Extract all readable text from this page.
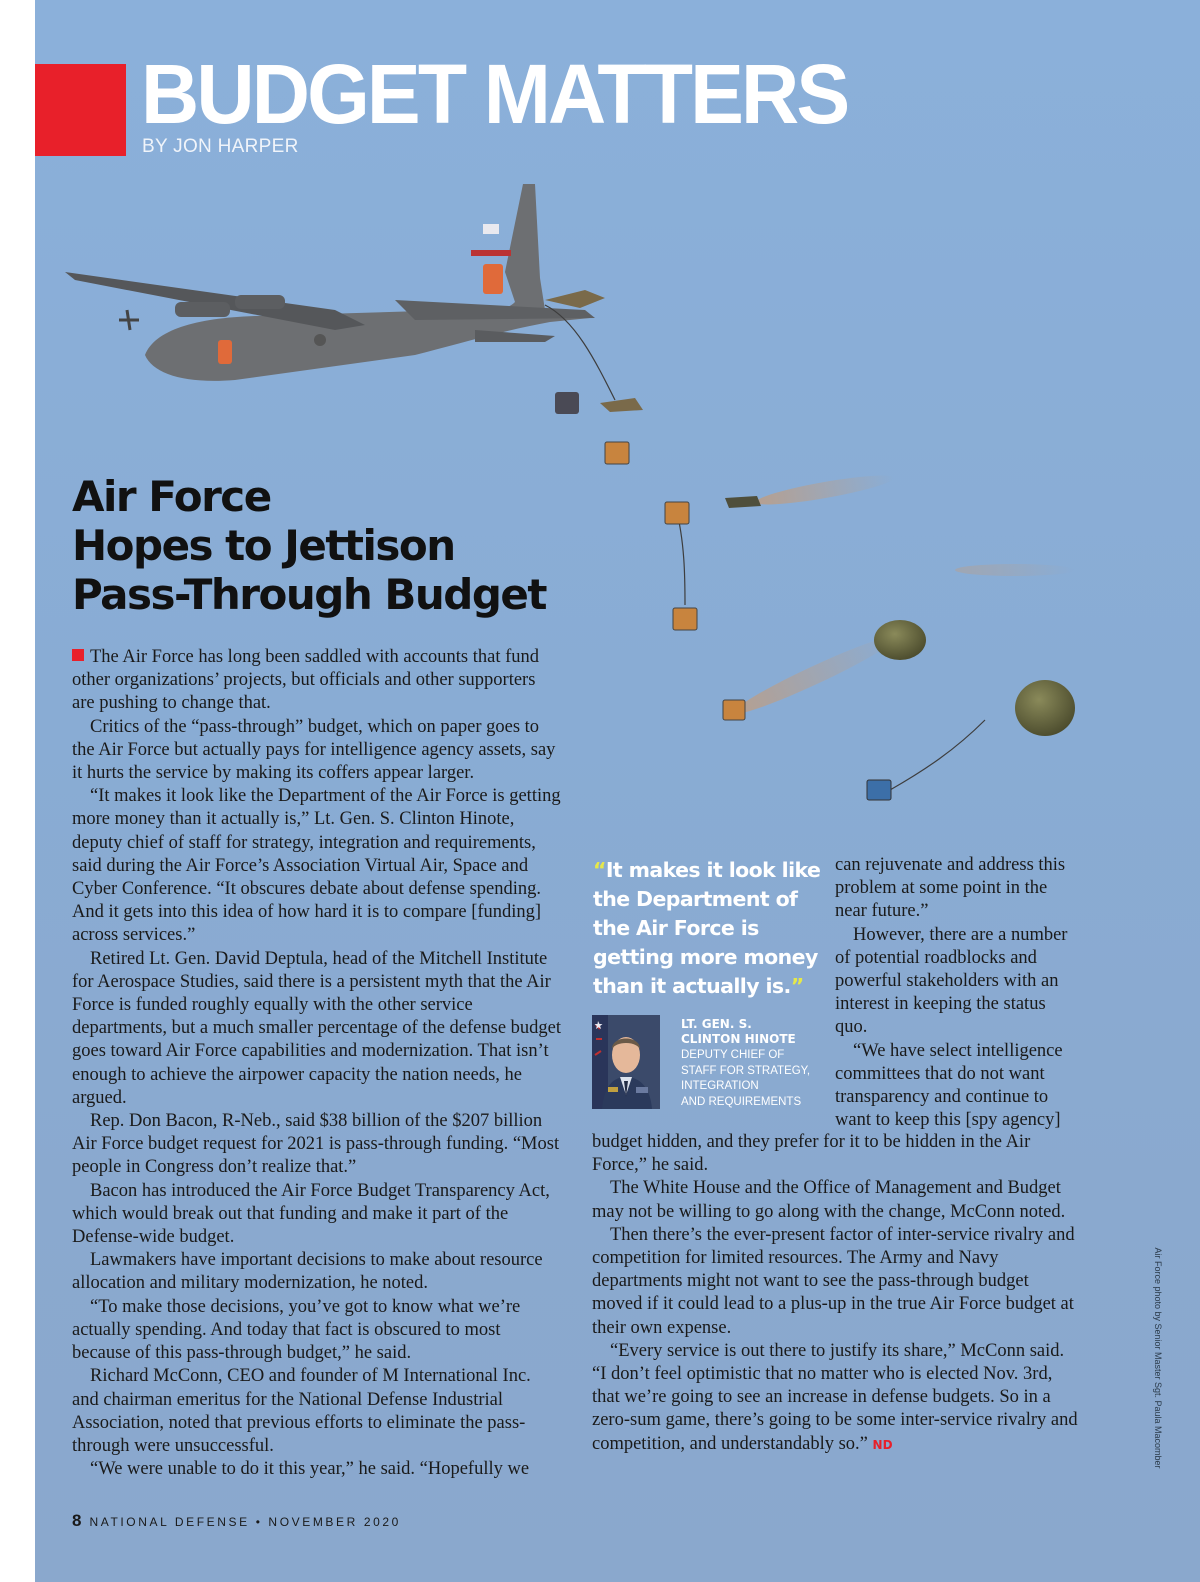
BUDGET MATTERS
BY JON HARPER
Air Force
Hopes to Jettison
Pass-Through Budget

The Air Force has long been saddled with accounts that fund other organizations’ projects, but officials and other supporters are pushing to change that.

Critics of the “pass-through” budget, which on paper goes to the Air Force but actually pays for intelligence agency assets, say it hurts the service by making its coffers appear larger.

“It makes it look like the Department of the Air Force is getting more money than it actually is,” Lt. Gen. S. Clinton Hinote, deputy chief of staff for strategy, integration and requirements, said during the Air Force’s Association Virtual Air, Space and Cyber Conference. “It obscures debate about defense spending. And it gets into this idea of how hard it is to compare [funding] across services.”

Retired Lt. Gen. David Deptula, head of the Mitchell Institute for Aerospace Studies, said there is a persistent myth that the Air Force is funded roughly equally with the other service departments, but a much smaller percentage of the defense budget goes toward Air Force capabilities and modernization. That isn’t enough to achieve the airpower capacity the nation needs, he argued.

Rep. Don Bacon, R-Neb., said $38 billion of the $207 billion Air Force budget request for 2021 is pass-through funding. “Most people in Congress don’t realize that.”

Bacon has introduced the Air Force Budget Transparency Act, which would break out that funding and make it part of the Defense-wide budget.

Lawmakers have important decisions to make about resource allocation and military modernization, he noted.

“To make those decisions, you’ve got to know what we’re actually spending. And today that fact is obscured to most because of this pass-through budget,” he said.

Richard McConn, CEO and founder of M International Inc. and chairman emeritus for the National Defense Industrial Association, noted that previous efforts to eliminate the pass-through were unsuccessful.

“We were unable to do it this year,” he said. “Hopefully we

“It makes it look like the Department of the Air Force is getting more money than it actually is.”
LT. GEN. S.
CLINTON HINOTE
DEPUTY CHIEF OF
STAFF FOR STRATEGY,
INTEGRATION
AND REQUIREMENTS

can rejuvenate and address this problem at some point in the near future.”

However, there are a number of potential roadblocks and powerful stakeholders with an interest in keeping the status quo.

“We have select intelligence committees that do not want transparency and continue to want to keep this [spy agency]

budget hidden, and they prefer for it to be hidden in the Air Force,” he said.

The White House and the Office of Management and Budget may not be willing to go along with the change, McConn noted.

Then there’s the ever-present factor of inter-service rivalry and competition for limited resources. The Army and Navy departments might not want to see the pass-through budget moved if it could lead to a plus-up in the true Air Force budget at their own expense.

“Every service is out there to justify its share,” McConn said. “I don’t feel optimistic that no matter who is elected Nov. 3rd, that we’re going to see an increase in defense budgets. So in a zero-sum game, there’s going to be some inter-service rivalry and competition, and understandably so.” ND

8 NATIONAL DEFENSE • NOVEMBER 2020
Air Force photo by Senior Master Sgt. Paula Macomber
